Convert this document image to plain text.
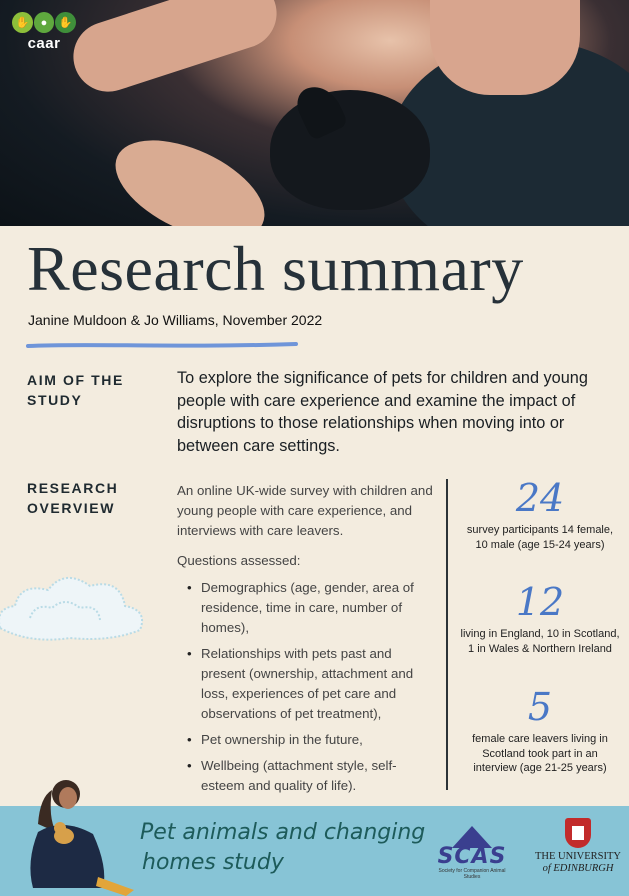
✋	●	✋
caar
Research summary
Janine Muldoon & Jo Williams, November 2022
AIM OF THE STUDY
To explore the significance of pets for children and young people with care experience and examine the impact of disruptions to those relationships when moving into or between care settings.
RESEARCH OVERVIEW
An online UK-wide survey with children and young people with care experience, and interviews with care leavers.
Questions assessed:
• Demographics (age, gender, area of residence, time in care, number of homes),
• Relationships with pets past and present (ownership, attachment and loss, experiences of pet care and observations of pet treatment),
• Pet ownership in the future,
• Wellbeing (attachment style, self-esteem and quality of life).
24
survey participants 14 female, 10 male (age 15-24 years)
12
living in England, 10 in Scotland, 1 in Wales & Northern Ireland
5
female care leavers living in Scotland took part in an interview (age 21-25 years)
Pet animals and changing
homes study	SCAS
Society for Companion Animal Studies
THE UNIVERSITY
of EDINBURGH
